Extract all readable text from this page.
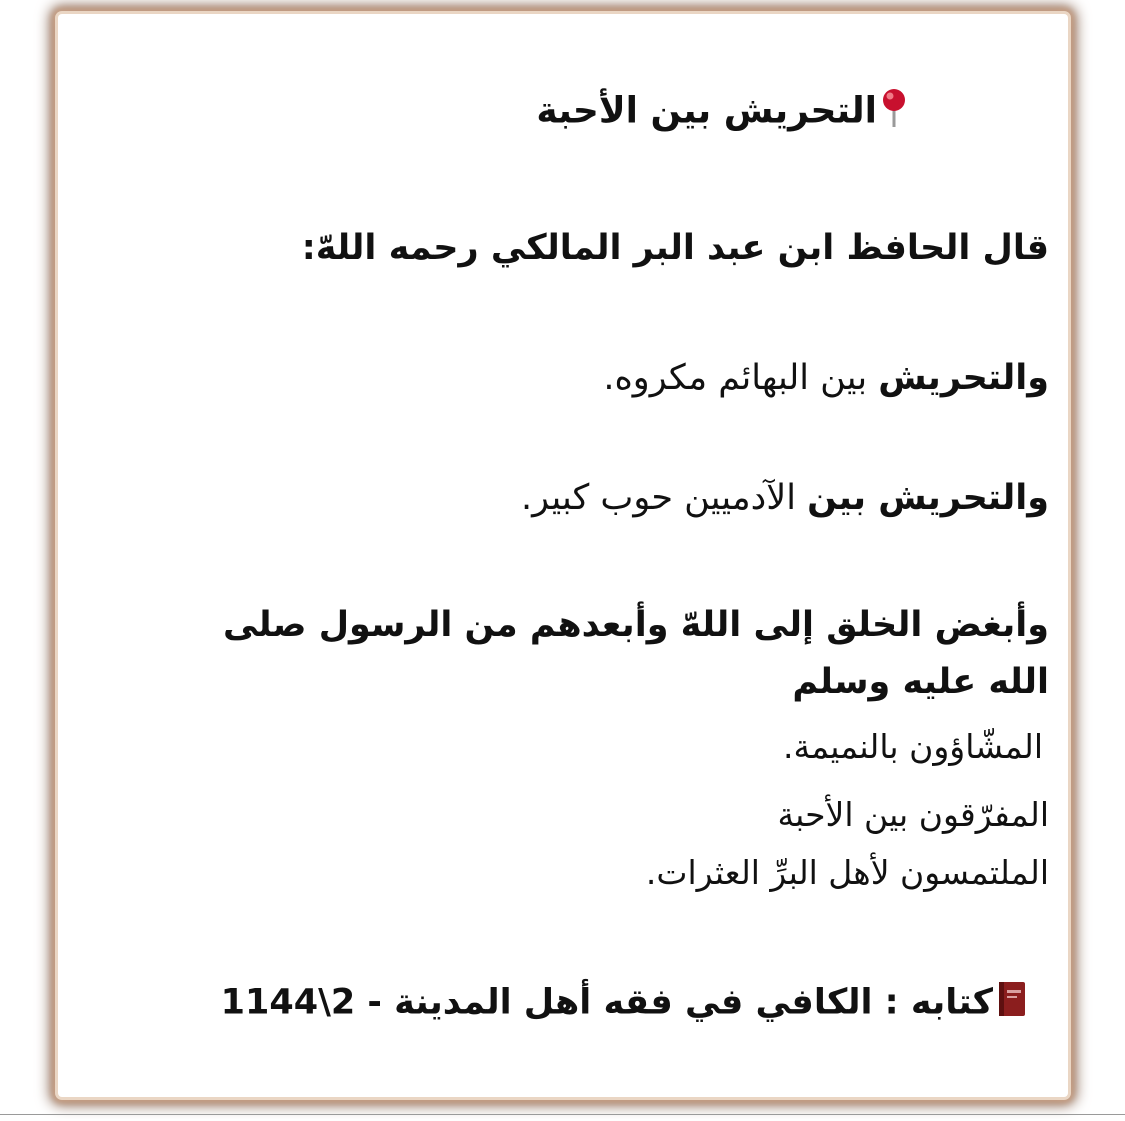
التحريش بين الأحبة
قال الحافظ ابن عبد البر المالكي رحمه اللهّ:
والتحريش بين البهائم مكروه.
والتحريش بين الآدميين حوب كبير.
وأبغض الخلق إلى اللهّ وأبعدهم من الرسول صلى
الله عليه وسلم
المشّاؤون بالنميمة.
المفرّقون بين الأحبة
الملتمسون لأهل البرِّ العثرات.
كتابه : الكافي في فقه أهل المدينة - 2\1144
